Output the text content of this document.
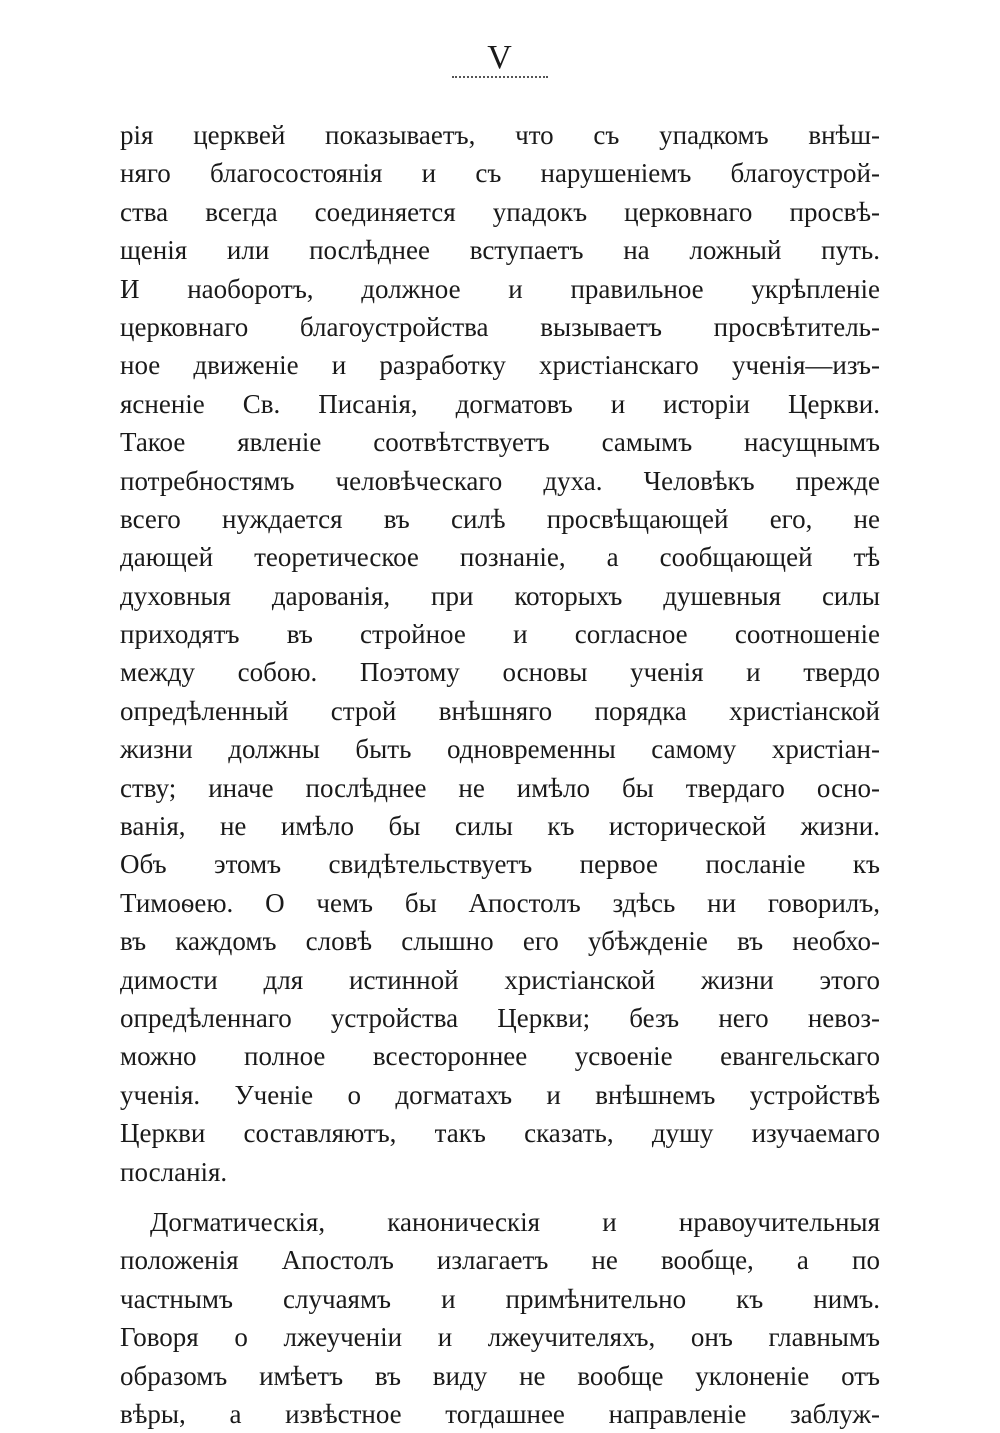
V
рія церквей показываетъ, что съ упадкомъ внѣш-
няго благосостоянія и съ нарушеніемъ благоустрой-
ства всегда соединяется упадокъ церковнаго просвѣ-
щенія или послѣднее вступаетъ на ложный путь.
И наоборотъ, должное и правильное укрѣпленіе
церковнаго благоустройства вызываетъ просвѣтитель-
ное движеніе и разработку христіанскаго ученія—изъ-
ясненіе Св. Писанія, догматовъ и исторіи Церкви.
Такое явленіе соотвѣтствуетъ самымъ насущнымъ
потребностямъ человѣческаго духа. Человѣкъ прежде
всего нуждается въ силѣ просвѣщающей его, не
дающей теоретическое познаніе, а сообщающей тѣ
духовныя дарованія, при которыхъ душевныя силы
приходятъ въ стройное и согласное соотношеніе
между собою. Поэтому основы ученія и твердо
опредѣленный строй внѣшняго порядка христіанской
жизни должны быть одновременны самому христіан-
ству; иначе послѣднее не имѣло бы твердаго осно-
ванія, не имѣло бы силы къ исторической жизни.
Объ этомъ свидѣтельствуетъ первое посланіе къ
Тимоѳею. О чемъ бы Апостолъ здѣсь ни говорилъ,
въ каждомъ словѣ слышно его убѣжденіе въ необхо-
димости для истинной христіанской жизни этого
опредѣленнаго устройства Церкви; безъ него невоз-
можно полное всестороннее усвоеніе евангельскаго
ученія. Ученіе о догматахъ и внѣшнемъ устройствѣ
Церкви составляютъ, такъ сказать, душу изучаемаго
посланія.
Догматическія, каноническія и нравоучительныя
положенія Апостолъ излагаетъ не вообще, а по
частнымъ случаямъ и примѣнительно къ нимъ.
Говоря о лжеученіи и лжеучителяхъ, онъ главнымъ
образомъ имѣетъ въ виду не вообще уклоненіе отъ
вѣры, а извѣстное тогдашнее направленіе заблуж-
